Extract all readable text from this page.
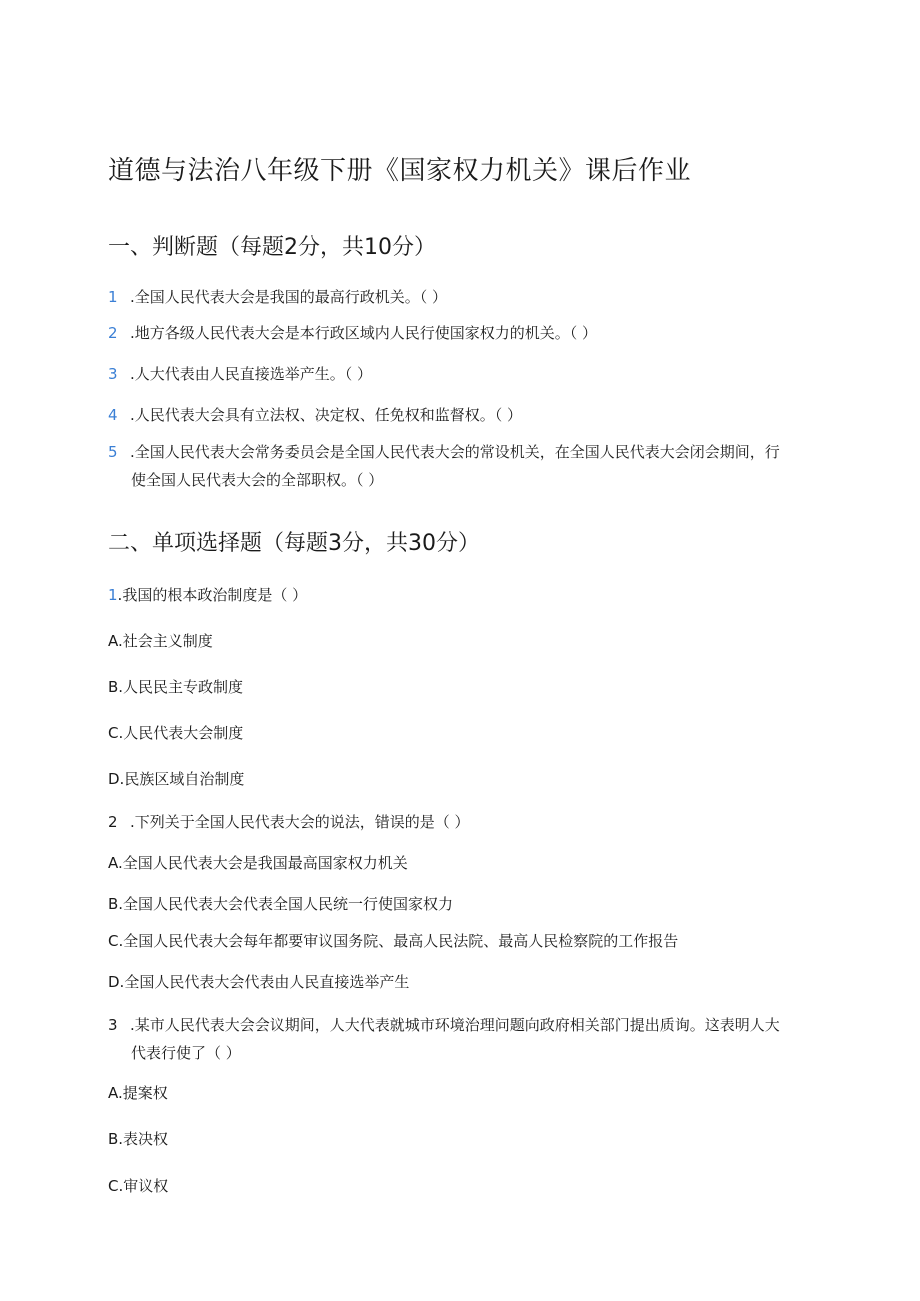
道德与法治八年级下册《国家权力机关》课后作业
一、判断题（每题2分，共10分）
1 .全国人民代表大会是我国的最高行政机关。（ ）
2 .地方各级人民代表大会是本行政区域内人民行使国家权力的机关。（ ）
3 .人大代表由人民直接选举产生。（ ）
4 .人民代表大会具有立法权、决定权、任免权和监督权。（ ）
5 .全国人民代表大会常务委员会是全国人民代表大会的常设机关，在全国人民代表大会闭会期间，行
使全国人民代表大会的全部职权。（ ）
二、单项选择题（每题3分，共30分）
1.我国的根本政治制度是（ ）
A.社会主义制度
B.人民民主专政制度
C.人民代表大会制度
D.民族区域自治制度
2 .下列关于全国人民代表大会的说法，错误的是（ ）
A.全国人民代表大会是我国最高国家权力机关
B.全国人民代表大会代表全国人民统一行使国家权力
C.全国人民代表大会每年都要审议国务院、最高人民法院、最高人民检察院的工作报告
D.全国人民代表大会代表由人民直接选举产生
3 .某市人民代表大会会议期间，人大代表就城市环境治理问题向政府相关部门提出质询。这表明人大
代表行使了（ ）
A.提案权
B.表决权
C.审议权
